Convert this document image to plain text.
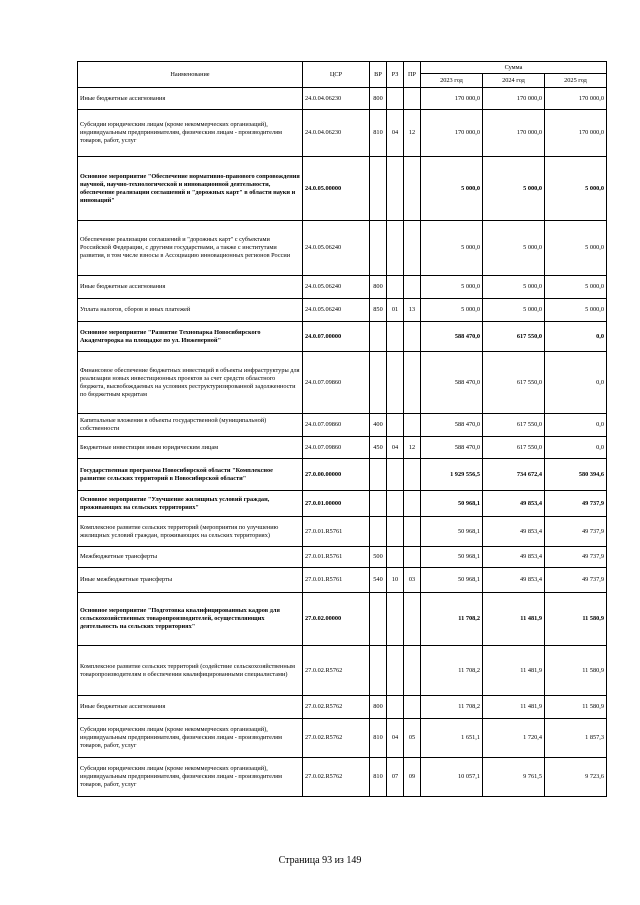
Наименование	ЦСР	ВР	РЗ	ПР	Сумма		
					2023 год	2024 год	2025 год
Иные бюджетные ассигнования	24.0.04.06230	800			170 000,0	170 000,0	170 000,0
Субсидии юридическим лицам (кроме некоммерческих организаций), индивидуальным предпринимателям, физическим лицам - производителям товаров, работ, услуг	24.0.04.06230	810	04	12	170 000,0	170 000,0	170 000,0
Основное мероприятие "Обеспечение нормативно-правового сопровождения научной, научно-технологической и инновационной деятельности, обеспечение реализации соглашений и "дорожных карт" в области науки и инноваций"	24.0.05.00000				5 000,0	5 000,0	5 000,0
Обеспечение реализации соглашений и "дорожных карт" с субъектами Российской Федерации, с другими государствами, а также с институтами развития, в том числе взносы в Ассоциацию инновационных регионов России	24.0.05.06240				5 000,0	5 000,0	5 000,0
Иные бюджетные ассигнования	24.0.05.06240	800			5 000,0	5 000,0	5 000,0
Уплата налогов, сборов и иных платежей	24.0.05.06240	850	01	13	5 000,0	5 000,0	5 000,0
Основное мероприятие "Развитие Технопарка Новосибирского Академгородка на площадке по ул. Инженерной"	24.0.07.00000				588 470,0	617 550,0	0,0
Финансовое обеспечение бюджетных инвестиций в объекты инфраструктуры для реализации новых инвестиционных проектов за счет средств областного бюджета, высвобождаемых на условиях реструктуризированной задолженности по бюджетным кредитам	24.0.07.09860				588 470,0	617 550,0	0,0
Капитальные вложения в объекты государственной (муниципальной) собственности	24.0.07.09860	400			588 470,0	617 550,0	0,0
Бюджетные инвестиции иным юридическим лицам	24.0.07.09860	450	04	12	588 470,0	617 550,0	0,0
Государственная программа Новосибирской области "Комплексное развитие сельских территорий в Новосибирской области"	27.0.00.00000				1 929 556,5	734 672,4	580 394,6
Основное мероприятие "Улучшение жилищных условий граждан, проживающих на сельских территориях"	27.0.01.00000				50 968,1	49 853,4	49 737,9
Комплексное развитие сельских территорий (мероприятия по улучшению жилищных условий граждан, проживающих на сельских территориях)	27.0.01.R5761				50 968,1	49 853,4	49 737,9
Межбюджетные трансферты	27.0.01.R5761	500			50 968,1	49 853,4	49 737,9
Иные межбюджетные трансферты	27.0.01.R5761	540	10	03	50 968,1	49 853,4	49 737,9
Основное мероприятие "Подготовка квалифицированных кадров для сельскохозяйственных товаропроизводителей, осуществляющих деятельность на сельских территориях"	27.0.02.00000				11 708,2	11 481,9	11 580,9
Комплексное развитие сельских территорий (содействие сельскохозяйственным товаропроизводителям в обеспечении квалифицированными специалистами)	27.0.02.R5762				11 708,2	11 481,9	11 580,9
Иные бюджетные ассигнования	27.0.02.R5762	800			11 708,2	11 481,9	11 580,9
Субсидии юридическим лицам (кроме некоммерческих организаций), индивидуальным предпринимателям, физическим лицам - производителям товаров, работ, услуг	27.0.02.R5762	810	04	05	1 651,1	1 720,4	1 857,3
Субсидии юридическим лицам (кроме некоммерческих организаций), индивидуальным предпринимателям, физическим лицам - производителям товаров, работ, услуг	27.0.02.R5762	810	07	09	10 057,1	9 761,5	9 723,6
Страница 93 из 149
